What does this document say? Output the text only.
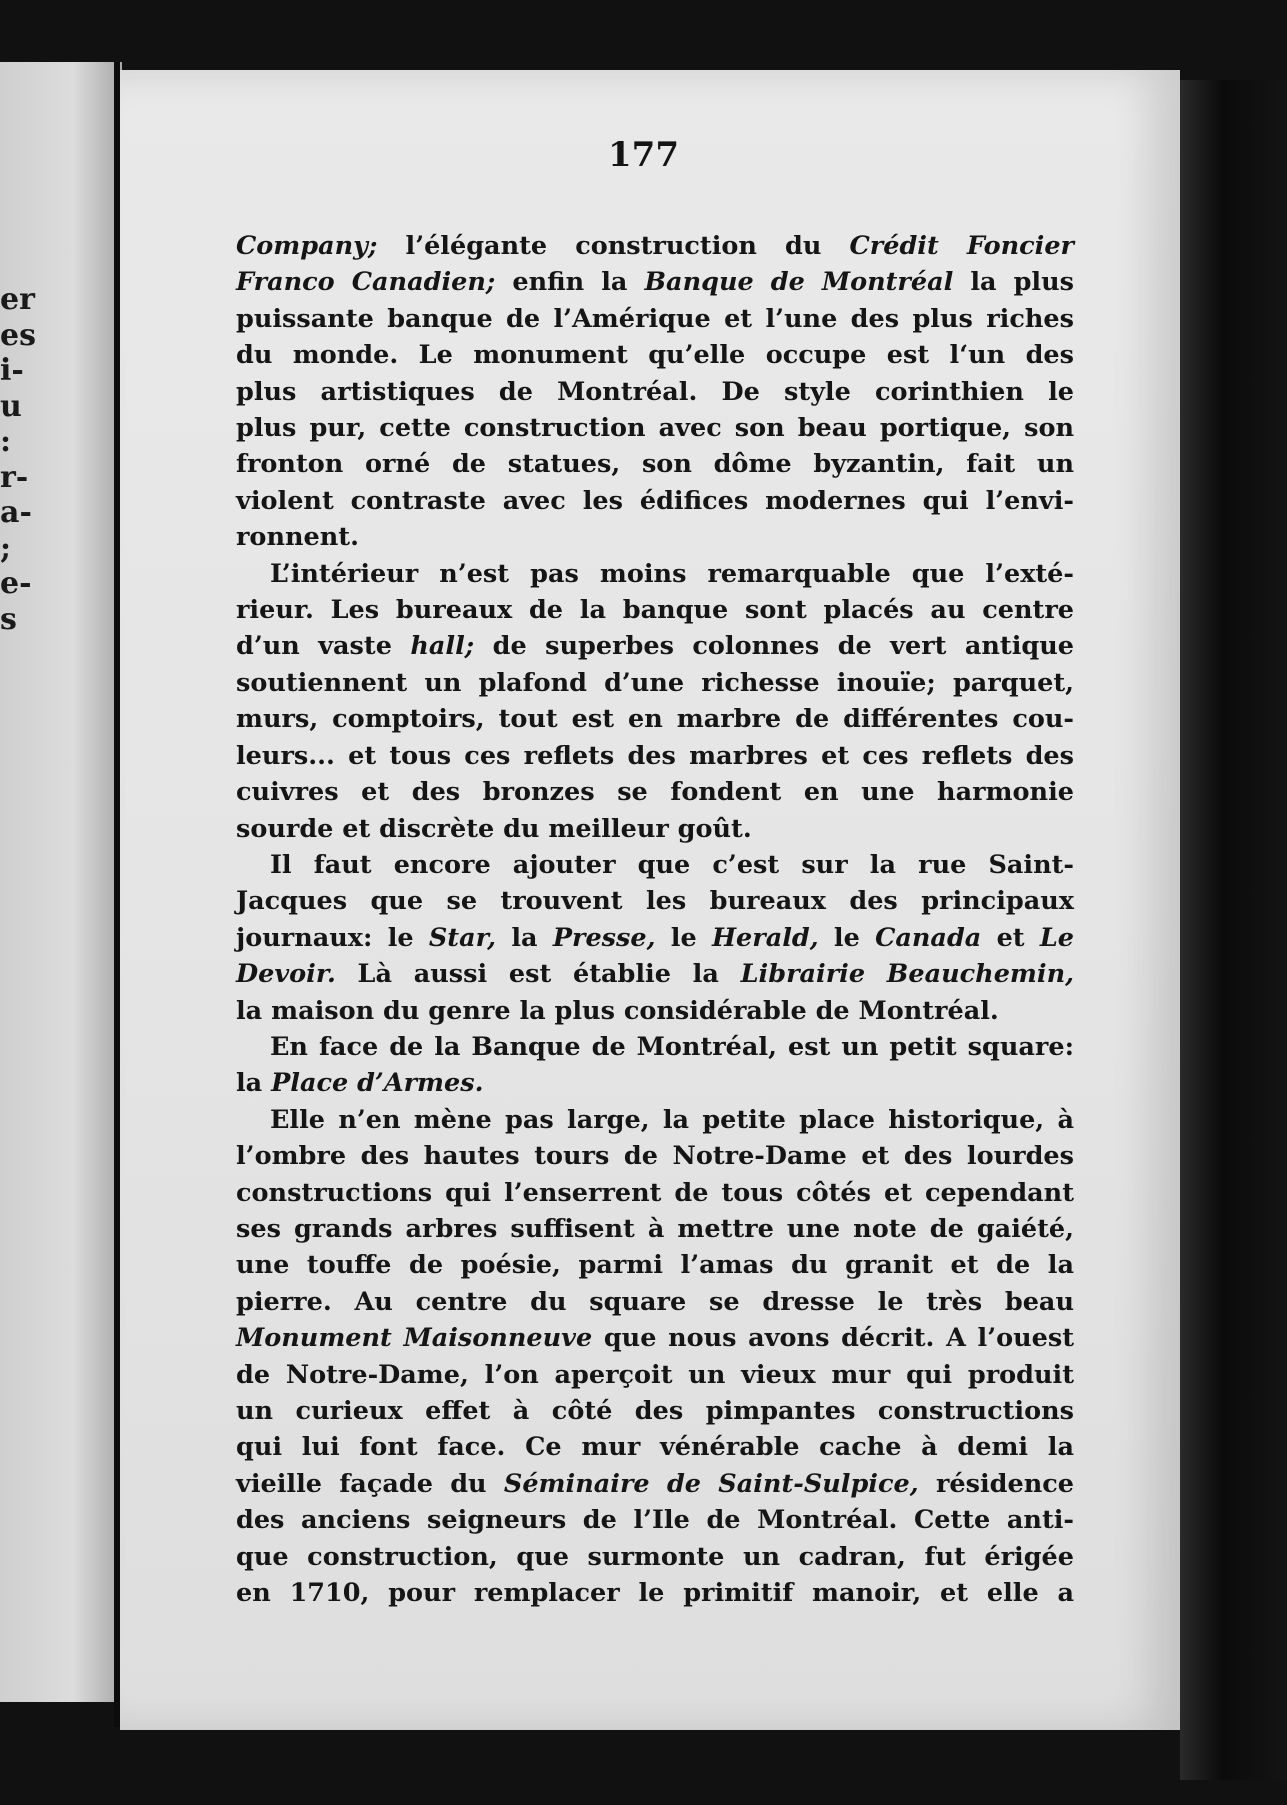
er
es
i-
u
:
r-
a-
;
e-
s
177
Company; l’élégante construction du Crédit Foncier
Franco Canadien; enfin la Banque de Montréal la plus
puissante banque de l’Amérique et l’une des plus riches
du monde. Le monument qu’elle occupe est l‘un des
plus artistiques de Montréal. De style corinthien le
plus pur, cette construction avec son beau portique, son
fronton orné de statues, son dôme byzantin, fait un
violent contraste avec les édifices modernes qui l’envi-
ronnent.
L’intérieur n’est pas moins remarquable que l’exté-
rieur. Les bureaux de la banque sont placés au centre
d’un vaste hall; de superbes colonnes de vert antique
soutiennent un plafond d’une richesse inouïe; parquet,
murs, comptoirs, tout est en marbre de différentes cou-
leurs... et tous ces reflets des marbres et ces reflets des
cuivres et des bronzes se fondent en une harmonie
sourde et discrète du meilleur goût.
Il faut encore ajouter que c’est sur la rue Saint-
Jacques que se trouvent les bureaux des principaux
journaux: le Star, la Presse, le Herald, le Canada et Le
Devoir. Là aussi est établie la Librairie Beauchemin,
la maison du genre la plus considérable de Montréal.
En face de la Banque de Montréal, est un petit square:
la Place d’Armes.
Elle n’en mène pas large, la petite place historique, à
l’ombre des hautes tours de Notre-Dame et des lourdes
constructions qui l’enserrent de tous côtés et cependant
ses grands arbres suffisent à mettre une note de gaiété,
une touffe de poésie, parmi l’amas du granit et de la
pierre. Au centre du square se dresse le très beau
Monument Maisonneuve que nous avons décrit. A l’ouest
de Notre-Dame, l’on aperçoit un vieux mur qui produit
un curieux effet à côté des pimpantes constructions
qui lui font face. Ce mur vénérable cache à demi la
vieille façade du Séminaire de Saint-Sulpice, résidence
des anciens seigneurs de l’Ile de Montréal. Cette anti-
que construction, que surmonte un cadran, fut érigée
en 1710, pour remplacer le primitif manoir, et elle a
